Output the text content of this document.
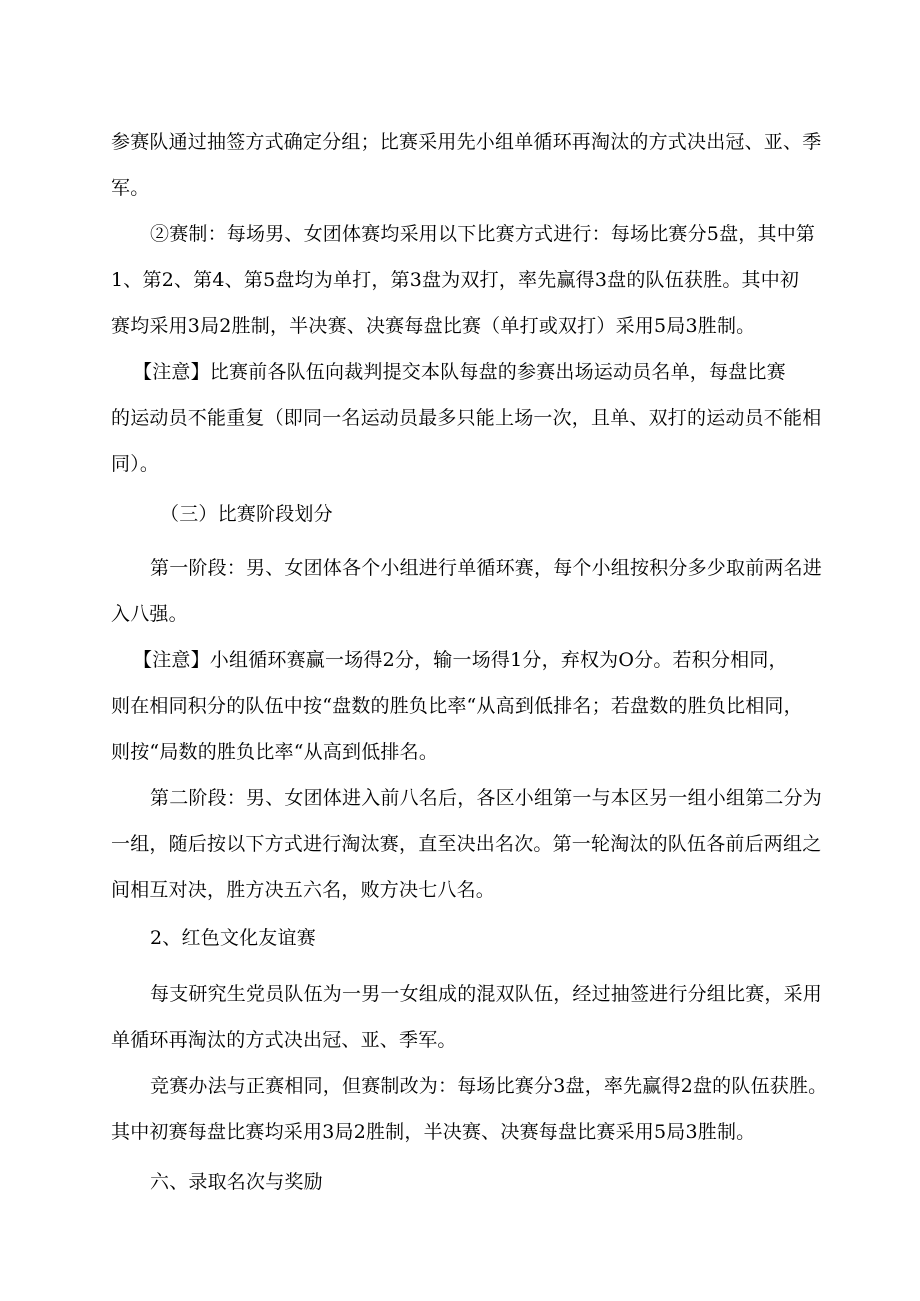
参赛队通过抽签方式确定分组；比赛采用先小组单循环再淘汰的方式决出冠、亚、季
军。
②赛制：每场男、女团体赛均采用以下比赛方式进行：每场比赛分5盘，其中第
1、第2、第4、第5盘均为单打，第3盘为双打，率先赢得3盘的队伍获胜。其中初
赛均采用3局2胜制，半决赛、决赛每盘比赛（单打或双打）采用5局3胜制。
【注意】比赛前各队伍向裁判提交本队每盘的参赛出场运动员名单，每盘比赛
的运动员不能重复（即同一名运动员最多只能上场一次，且单、双打的运动员不能相
同）。
（三）比赛阶段划分
第一阶段：男、女团体各个小组进行单循环赛，每个小组按积分多少取前两名进
入八强。
【注意】小组循环赛赢一场得2分，输一场得1分，弃权为O分。若积分相同，
则在相同积分的队伍中按“盘数的胜负比率“从高到低排名；若盘数的胜负比相同，
则按“局数的胜负比率“从高到低排名。
第二阶段：男、女团体进入前八名后，各区小组第一与本区另一组小组第二分为
一组，随后按以下方式进行淘汰赛，直至决出名次。第一轮淘汰的队伍各前后两组之
间相互对决，胜方决五六名，败方决七八名。
2、红色文化友谊赛
每支研究生党员队伍为一男一女组成的混双队伍，经过抽签进行分组比赛，采用
单循环再淘汰的方式决出冠、亚、季军。
竞赛办法与正赛相同，但赛制改为：每场比赛分3盘，率先赢得2盘的队伍获胜。
其中初赛每盘比赛均采用3局2胜制，半决赛、决赛每盘比赛采用5局3胜制。
六、录取名次与奖励
